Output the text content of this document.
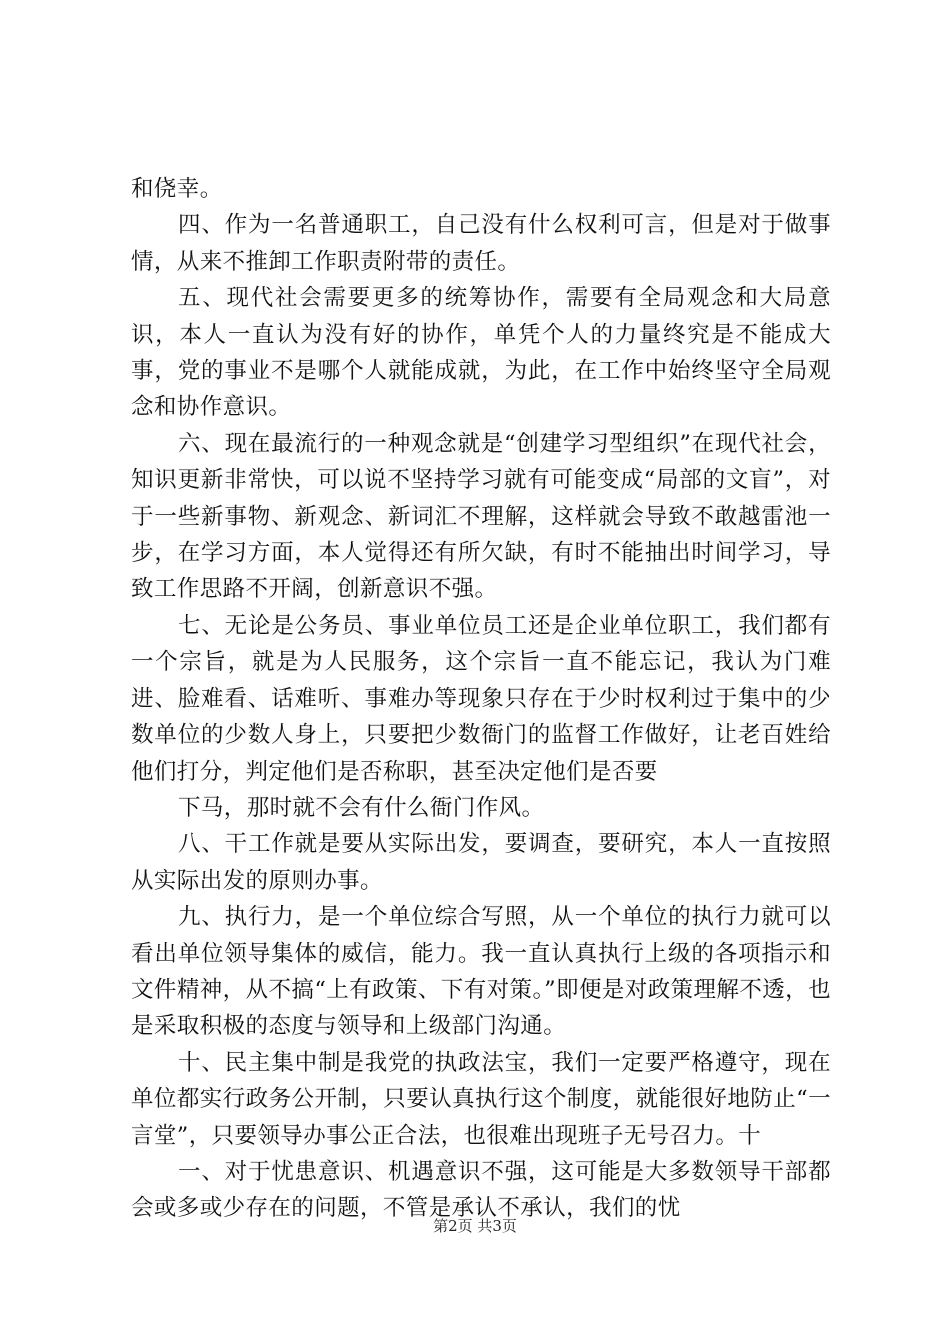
和侥幸。

四、作为一名普通职工，自己没有什么权利可言，但是对于做事情，从来不推卸工作职责附带的责任。

五、现代社会需要更多的统筹协作，需要有全局观念和大局意识，本人一直认为没有好的协作，单凭个人的力量终究是不能成大事，党的事业不是哪个人就能成就，为此，在工作中始终坚守全局观念和协作意识。

六、现在最流行的一种观念就是“创建学习型组织”在现代社会，知识更新非常快，可以说不坚持学习就有可能变成“局部的文盲”，对于一些新事物、新观念、新词汇不理解，这样就会导致不敢越雷池一步，在学习方面，本人觉得还有所欠缺，有时不能抽出时间学习，导致工作思路不开阔，创新意识不强。

七、无论是公务员、事业单位员工还是企业单位职工，我们都有一个宗旨，就是为人民服务，这个宗旨一直不能忘记，我认为门难进、脸难看、话难听、事难办等现象只存在于少时权利过于集中的少数单位的少数人身上，只要把少数衙门的监督工作做好，让老百姓给他们打分，判定他们是否称职，甚至决定他们是否要

下马，那时就不会有什么衙门作风。

八、干工作就是要从实际出发，要调查，要研究，本人一直按照从实际出发的原则办事。

九、执行力，是一个单位综合写照，从一个单位的执行力就可以看出单位领导集体的威信，能力。我一直认真执行上级的各项指示和文件精神，从不搞“上有政策、下有对策。”即便是对政策理解不透，也是采取积极的态度与领导和上级部门沟通。

十、民主集中制是我党的执政法宝，我们一定要严格遵守，现在单位都实行政务公开制，只要认真执行这个制度，就能很好地防止“一言堂”，只要领导办事公正合法，也很难出现班子无号召力。十

一、对于忧患意识、机遇意识不强，这可能是大多数领导干部都会或多或少存在的问题，不管是承认不承认，我们的忧

第2页 共3页
